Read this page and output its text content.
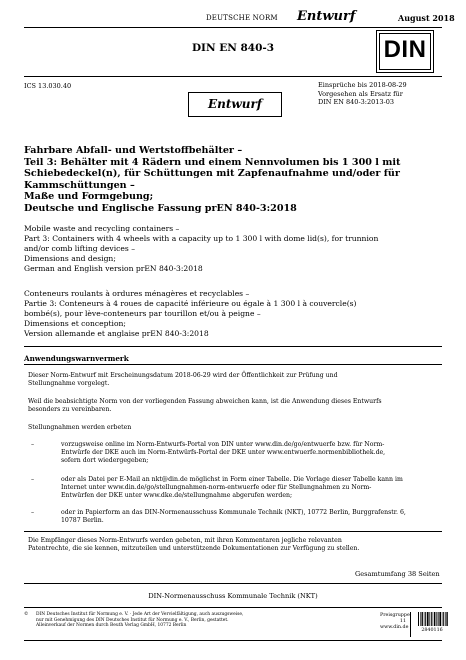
DEUTSCHE NORM Entwurf	August 2018
DIN EN 840-3	DIN
ICS 13.030.40	Einsprüche bis 2018-08-29
Vorgesehen als Ersatz für
DIN EN 840-3:2013-03
Entwurf
Fahrbare Abfall- und Wertstoffbehälter –
Teil 3: Behälter mit 4 Rädern und einem Nennvolumen bis 1 300 l mit
Schiebedeckel(n), für Schüttungen mit Zapfenaufnahme und/oder für
Kammschüttungen –
Maße und Formgebung;
Deutsche und Englische Fassung prEN 840-3:2018
Mobile waste and recycling containers –
Part 3: Containers with 4 wheels with a capacity up to 1 300 l with dome lid(s), for trunnion
and/or comb lifting devices –
Dimensions and design;
German and English version prEN 840-3:2018
Conteneurs roulants à ordures ménagères et recyclables –
Partie 3: Conteneurs à 4 roues de capacité inférieure ou égale à 1 300 l à couvercle(s)
bombé(s), pour lève-conteneurs par tourillon et/ou à peigne –
Dimensions et conception;
Version allemande et anglaise prEN 840-3:2018
Anwendungswarnvermerk
Dieser Norm-Entwurf mit Erscheinungsdatum 2018-06-29 wird der Öffentlichkeit zur Prüfung und
Stellungnahme vorgelegt.
Weil die beabsichtigte Norm von der vorliegenden Fassung abweichen kann, ist die Anwendung dieses Entwurfs
besonders zu vereinbaren.
Stellungnahmen werden erbeten
–	vorzugsweise online im Norm-Entwurfs-Portal von DIN unter www.din.de/go/entwuerfe bzw. für Norm-
Entwürfe der DKE auch im Norm-Entwürfs-Portal der DKE unter www.entwuerfe.normenbibliothek.de,
sofern dort wiedergegeben;
–	oder als Datei per E-Mail an nkt@din.de möglichst in Form einer Tabelle. Die Vorlage dieser Tabelle kann im
Internet unter www.din.de/go/stellungnahmen-norm-entwuerfe oder für Stellungnahmen zu Norm-
Entwürfen der DKE unter www.dke.de/stellungnahme abgerufen werden;
–	oder in Papierform an das DIN-Normenausschuss Kommunale Technik (NKT), 10772 Berlin, Burggrafenstr. 6,
10787 Berlin.
Die Empfänger dieses Norm-Entwurfs werden gebeten, mit ihren Kommentaren jegliche relevanten
Patentrechte, die sie kennen, mitzuteilen und unterstützende Dokumentationen zur Verfügung zu stellen.
Gesamtumfang 38 Seiten
DIN-Normenausschuss Kommunale Technik (NKT)
© DIN Deutsches Institut für Normung e. V. · Jede Art der Vervielfältigung, auch auszugsweise,
nur mit Genehmigung des DIN Deutsches Institut für Normung e. V., Berlin, gestattet.
Alleinverkauf der Normen durch Beuth Verlag GmbH, 10772 Berlin
Preisgruppe 11
www.din.de
2840116
